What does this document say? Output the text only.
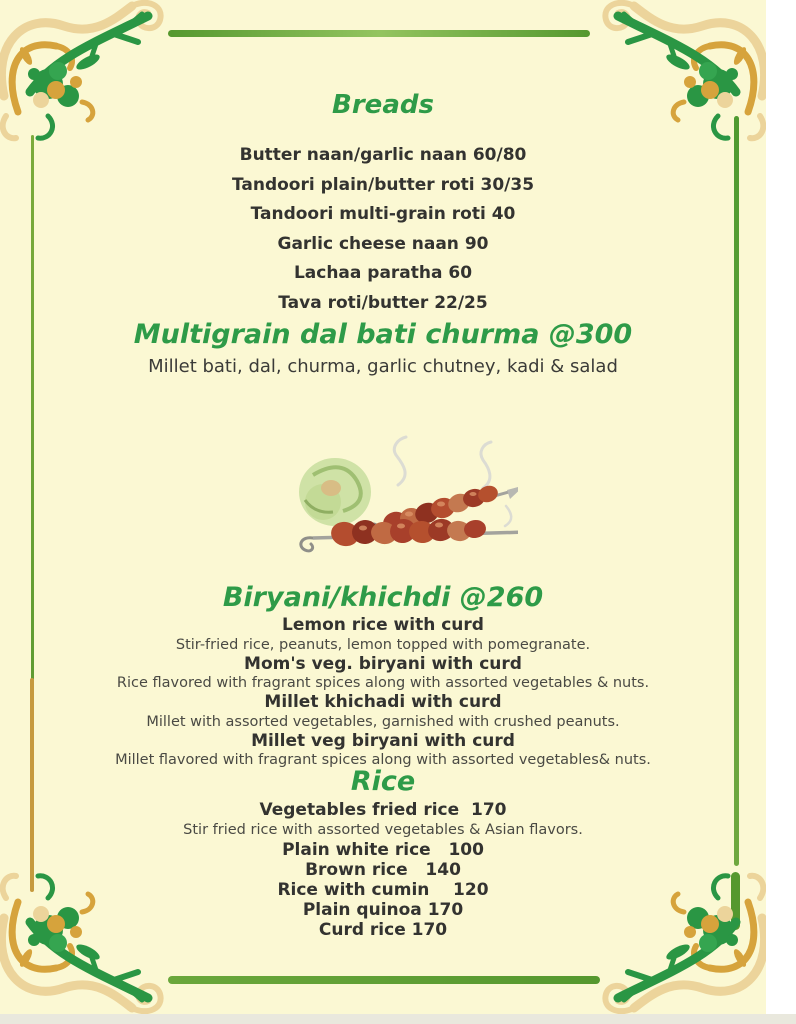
Breads
Butter naan/garlic naan 60/80
Tandoori plain/butter roti 30/35
Tandoori multi-grain roti 40
Garlic cheese naan 90
Lachaa paratha 60
Tava roti/butter 22/25
Multigrain dal bati churma @300

Millet bati, dal, churma, garlic chutney, kadi & salad

Biryani/khichdi @260
Lemon rice with curd
Stir-fried rice, peanuts, lemon topped with pomegranate.
Mom's veg. biryani with curd
Rice flavored with fragrant spices along with assorted vegetables & nuts.
Millet khichadi with curd
Millet with assorted vegetables, garnished with crushed peanuts.
Millet veg biryani with curd
Millet flavored with fragrant spices along with assorted vegetables& nuts.
Rice
Vegetables fried rice  170
Stir fried rice with assorted vegetables & Asian flavors.
Plain white rice   100
Brown rice   140
Rice with cumin    120
Plain quinoa 170
Curd rice 170
